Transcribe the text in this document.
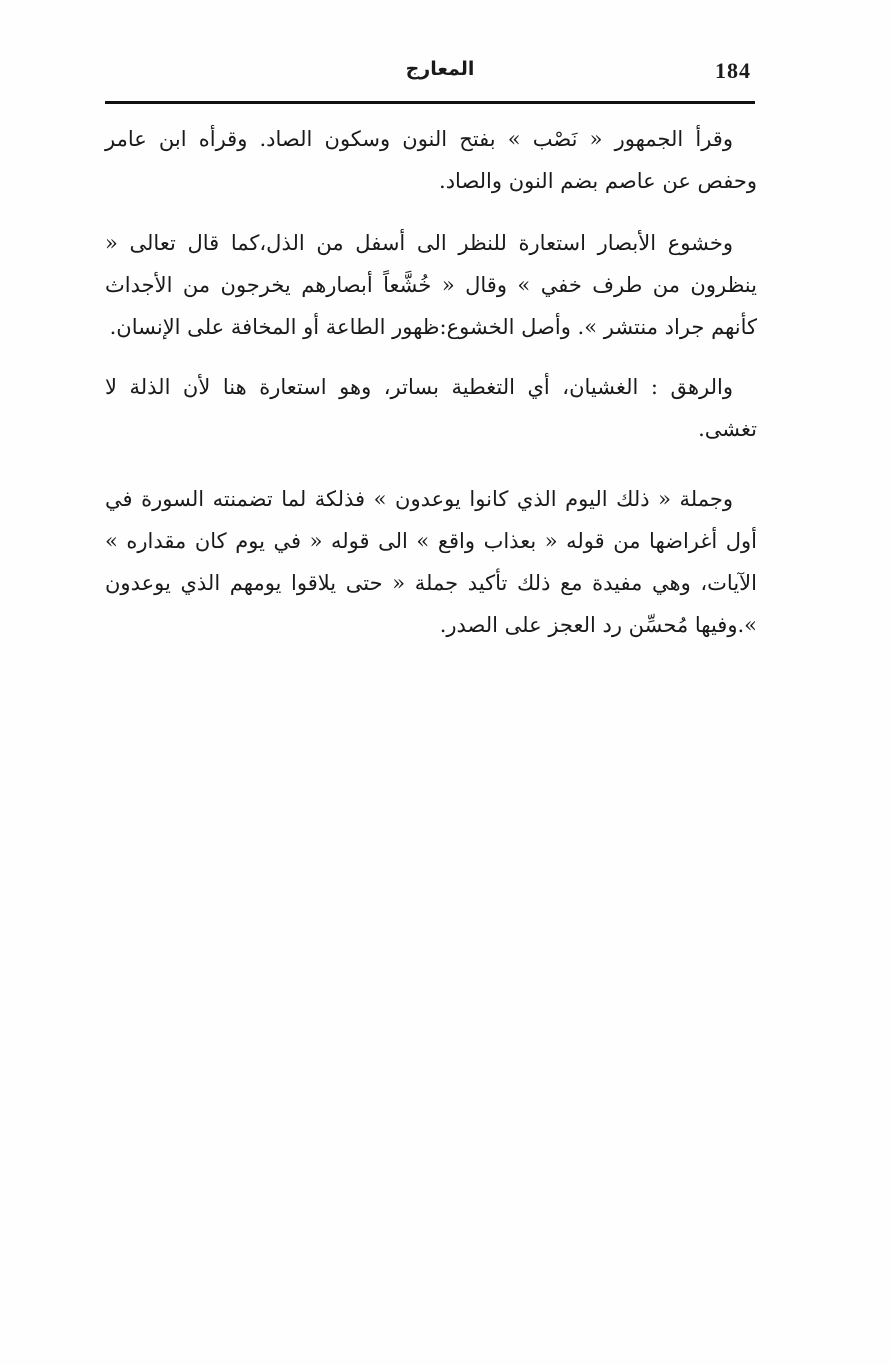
184
المعارج

وقرأ الجمهور « نَصْب » بفتح النون وسكون الصاد. وقرأه ابن عامر وحفص عن عاصم بضم النون والصاد.

وخشوع الأبصار استعارة للنظر الى أسفل من الذل،كما قال تعالى « ينظرون من طرف خفي » وقال « خُشَّعاً أبصارهم يخرجون من الأجداث كأنهم جراد منتشر ». وأصل الخشوع:ظهور الطاعة أو المخافة على الإنسان.

والرهق : الغشيان، أي التغطية بساتر، وهو استعارة هنا لأن الذلة لا تغشى.

وجملة « ذلك اليوم الذي كانوا يوعدون » فذلكة لما تضمنته السورة في أول أغراضها من قوله « بعذاب واقع » الى قوله « في يوم كان مقداره » الآيات، وهي مفيدة مع ذلك تأكيد جملة « حتى يلاقوا يومهم الذي يوعدون ».وفيها مُحسِّن رد العجز على الصدر.
